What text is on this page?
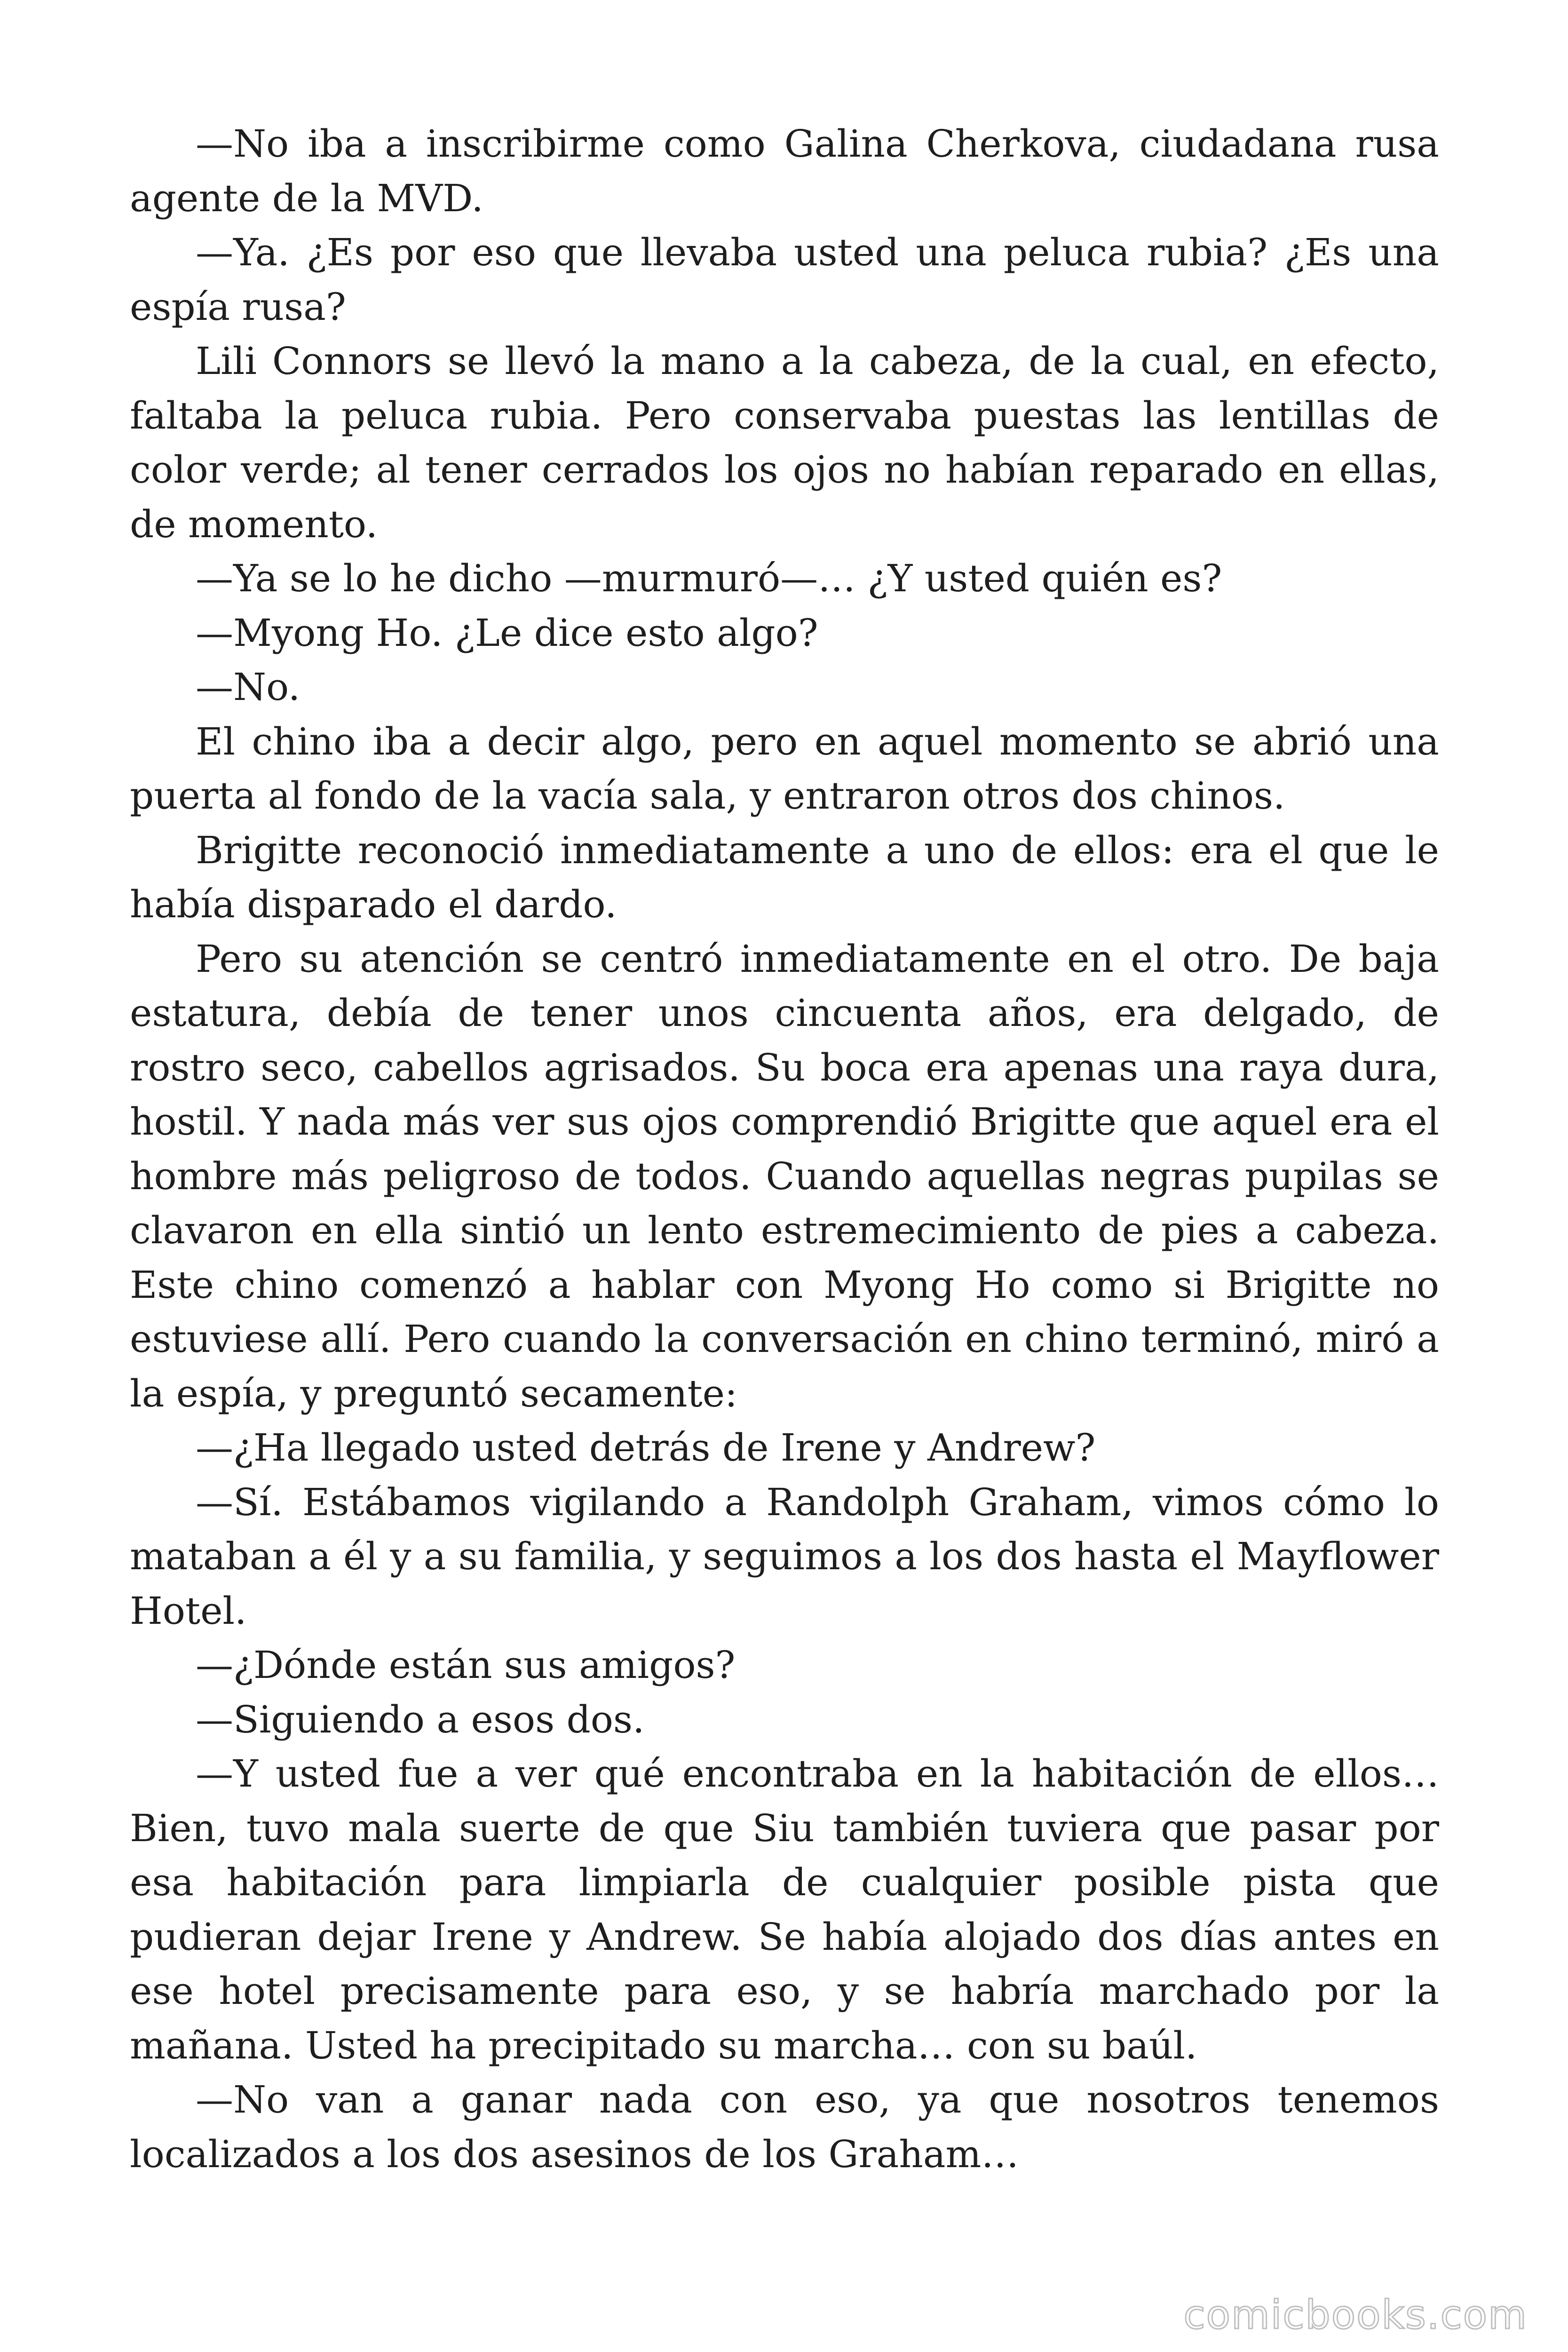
—No iba a inscribirme como Galina Cherkova, ciudadana rusa agente de la MVD.

—Ya. ¿Es por eso que llevaba usted una peluca rubia? ¿Es una espía rusa?

Lili Connors se llevó la mano a la cabeza, de la cual, en efecto, faltaba la peluca rubia. Pero conservaba puestas las lentillas de color verde; al tener cerrados los ojos no habían reparado en ellas, de momento.

—Ya se lo he dicho —murmuró—… ¿Y usted quién es?

—Myong Ho. ¿Le dice esto algo?

—No.

El chino iba a decir algo, pero en aquel momento se abrió una puerta al fondo de la vacía sala, y entraron otros dos chinos.

Brigitte reconoció inmediatamente a uno de ellos: era el que le había disparado el dardo.

Pero su atención se centró inmediatamente en el otro. De baja estatura, debía de tener unos cincuenta años, era delgado, de rostro seco, cabellos agrisados. Su boca era apenas una raya dura, hostil. Y nada más ver sus ojos comprendió Brigitte que aquel era el hombre más peligroso de todos. Cuando aquellas negras pupilas se clavaron en ella sintió un lento estremecimiento de pies a cabeza. Este chino comenzó a hablar con Myong Ho como si Brigitte no estuviese allí. Pero cuando la conversación en chino terminó, miró a la espía, y preguntó secamente:

—¿Ha llegado usted detrás de Irene y Andrew?

—Sí. Estábamos vigilando a Randolph Graham, vimos cómo lo mataban a él y a su familia, y seguimos a los dos hasta el Mayflower Hotel.

—¿Dónde están sus amigos?

—Siguiendo a esos dos.

—Y usted fue a ver qué encontraba en la habitación de ellos… Bien, tuvo mala suerte de que Siu también tuviera que pasar por esa habitación para limpiarla de cualquier posible pista que pudieran dejar Irene y Andrew. Se había alojado dos días antes en ese hotel precisamente para eso, y se habría marchado por la mañana. Usted ha precipitado su marcha… con su baúl.

—No van a ganar nada con eso, ya que nosotros tenemos localizados a los dos asesinos de los Graham…

comicbooks.com
